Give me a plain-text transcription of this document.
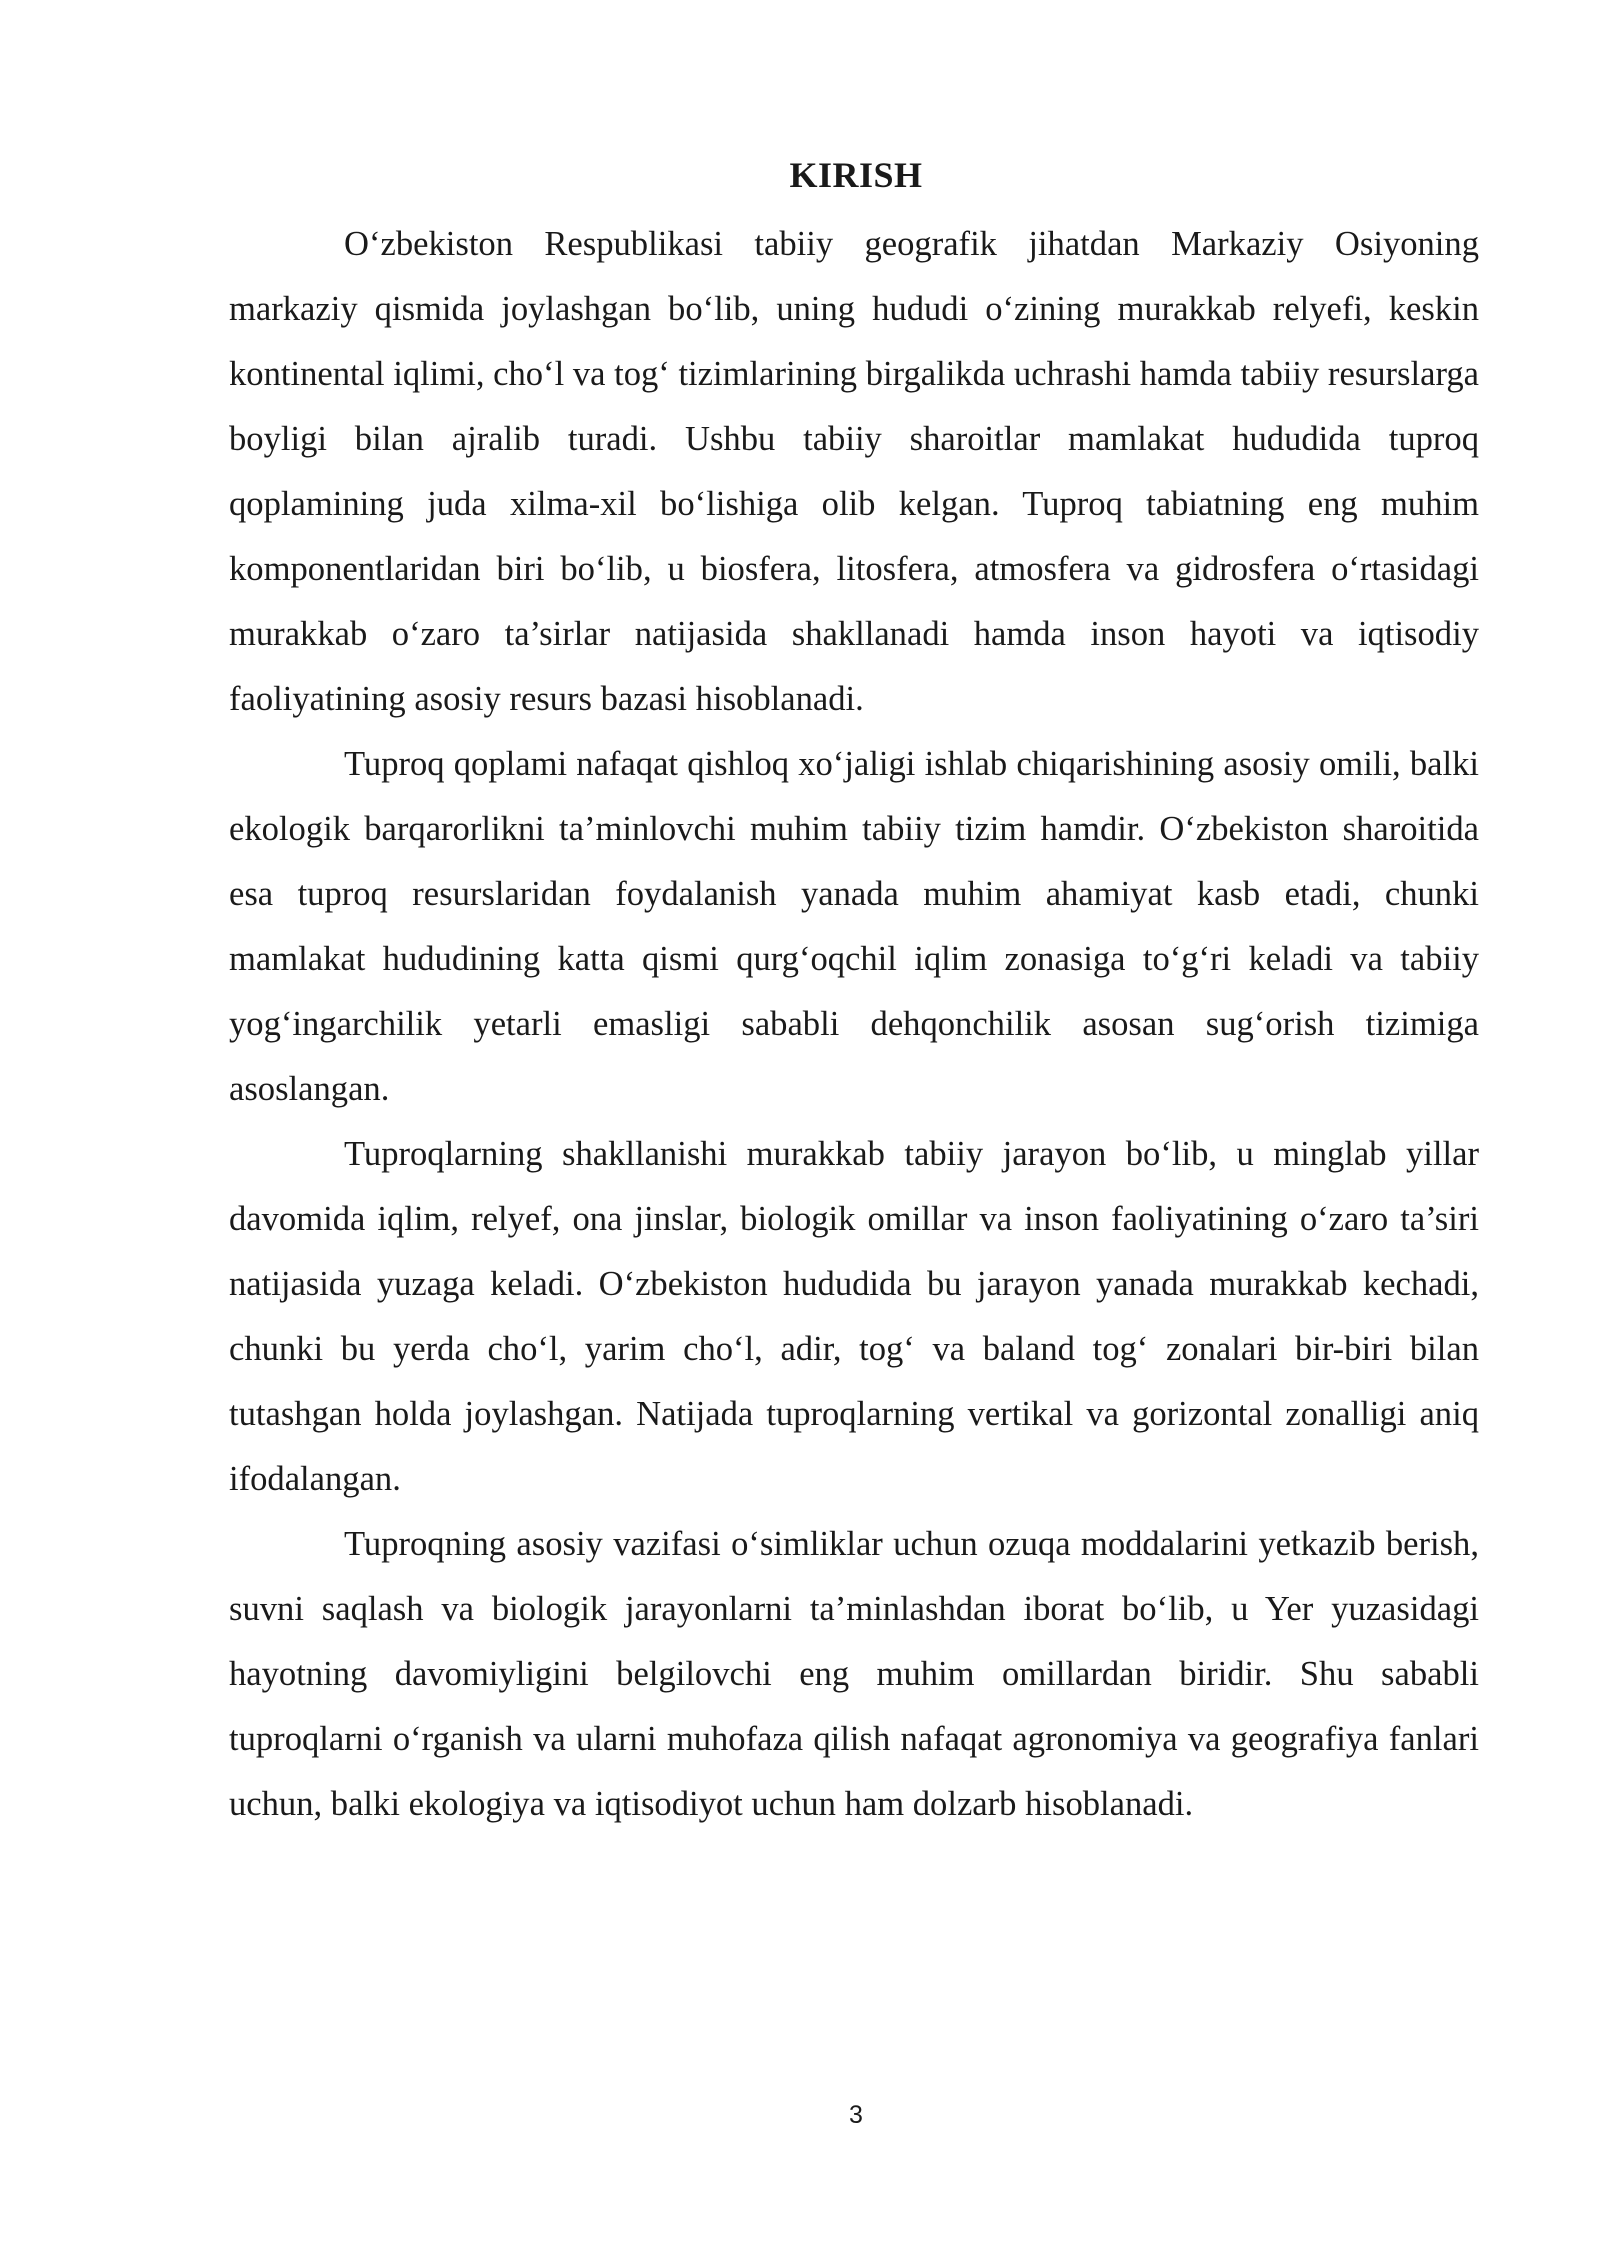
KIRISH

O‘zbekiston Respublikasi tabiiy geografik jihatdan Markaziy Osiyoning markaziy qismida joylashgan bo‘lib, uning hududi o‘zining murakkab relyefi, keskin kontinental iqlimi, cho‘l va tog‘ tizimlarining birgalikda uchrashi hamda tabiiy resurslarga boyligi bilan ajralib turadi. Ushbu tabiiy sharoitlar mamlakat hududida tuproq qoplamining juda xilma-xil bo‘lishiga olib kelgan. Tuproq tabiatning eng muhim komponentlaridan biri bo‘lib, u biosfera, litosfera, atmosfera va gidrosfera o‘rtasidagi murakkab o‘zaro ta’sirlar natijasida shakllanadi hamda inson hayoti va iqtisodiy faoliyatining asosiy resurs bazasi hisoblanadi.

Tuproq qoplami nafaqat qishloq xo‘jaligi ishlab chiqarishining asosiy omili, balki ekologik barqarorlikni ta’minlovchi muhim tabiiy tizim hamdir. O‘zbekiston sharoitida esa tuproq resurslaridan foydalanish yanada muhim ahamiyat kasb etadi, chunki mamlakat hududining katta qismi qurg‘oqchil iqlim zonasiga to‘g‘ri keladi va tabiiy yog‘ingarchilik yetarli emasligi sababli dehqonchilik asosan sug‘orish tizimiga asoslangan.

Tuproqlarning shakllanishi murakkab tabiiy jarayon bo‘lib, u minglab yillar davomida iqlim, relyef, ona jinslar, biologik omillar va inson faoliyatining o‘zaro ta’siri natijasida yuzaga keladi. O‘zbekiston hududida bu jarayon yanada murakkab kechadi, chunki bu yerda cho‘l, yarim cho‘l, adir, tog‘ va baland tog‘ zonalari bir-biri bilan tutashgan holda joylashgan. Natijada tuproqlarning vertikal va gorizontal zonalligi aniq ifodalangan.

Tuproqning asosiy vazifasi o‘simliklar uchun ozuqa moddalarini yetkazib berish, suvni saqlash va biologik jarayonlarni ta’minlashdan iborat bo‘lib, u Yer yuzasidagi hayotning davomiyligini belgilovchi eng muhim omillardan biridir. Shu sababli tuproqlarni o‘rganish va ularni muhofaza qilish nafaqat agronomiya va geografiya fanlari uchun, balki ekologiya va iqtisodiyot uchun ham dolzarb hisoblanadi.

3
